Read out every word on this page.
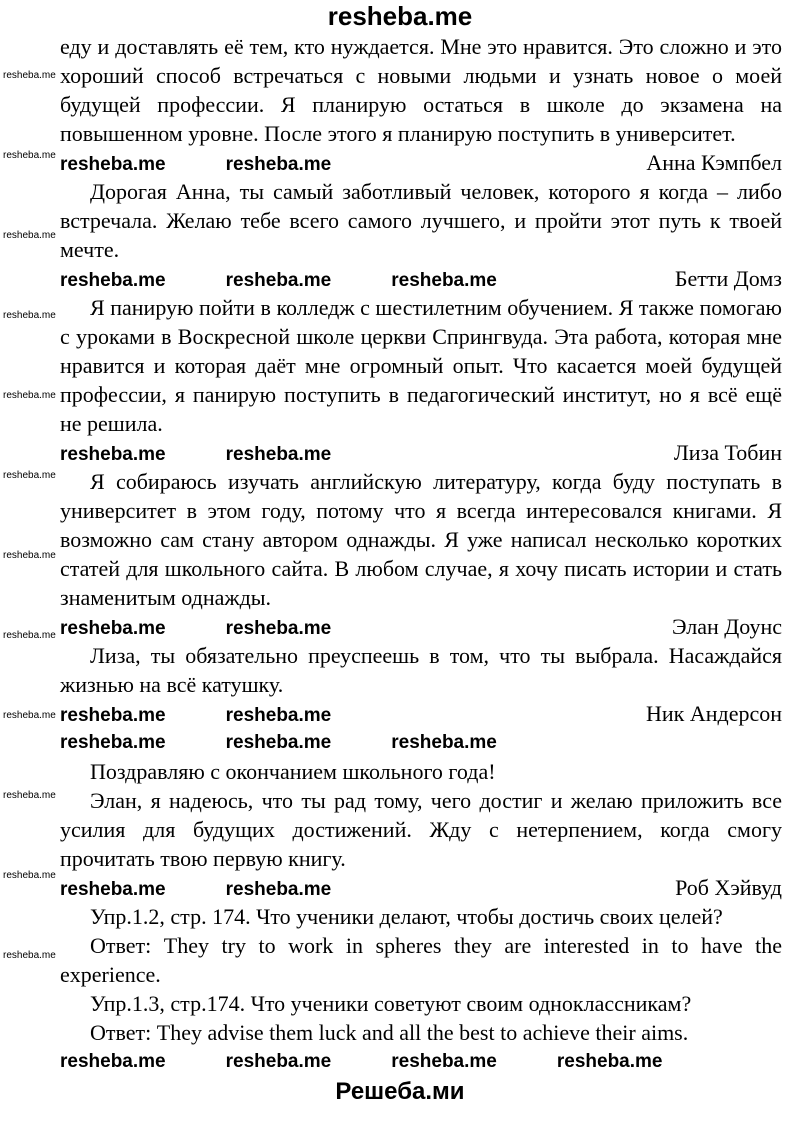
resheba.me

еду и доставлять её тем, кто нуждается. Мне это нравится. Это сложно и это хороший способ встречаться с новыми людьми и узнать новое о моей будущей профессии. Я планирую остаться в школе до экзамена на повышенном уровне. После этого я планирую поступить в университет.

resheba.me	resheba.me	Анна Кэмпбел

Дорогая Анна, ты самый заботливый человек, которого я когда – либо встречала. Желаю тебе всего самого лучшего, и пройти этот путь к твоей мечте.

resheba.me	resheba.me	resheba.me	Бетти Домз

Я панирую пойти в колледж с шестилетним обучением. Я также помогаю с уроками в Воскресной школе церкви Спрингвуда. Эта работа, которая мне нравится и которая даёт мне огромный опыт. Что касается моей будущей профессии, я панирую поступить в педагогический институт, но я всё ещё не решила.

resheba.me	resheba.me	Лиза Тобин

Я собираюсь изучать английскую литературу, когда буду поступать в университет в этом году, потому что я всегда интересовался книгами. Я возможно сам стану автором однажды. Я уже написал несколько коротких статей для школьного сайта. В любом случае, я хочу писать истории и стать знаменитым однажды.

resheba.me	resheba.me	Элан Доунс

Лиза, ты обязательно преуспеешь в том, что ты выбрала. Насаждайся жизнью на всё катушку.

resheba.me	resheba.me	Ник Андерсон
resheba.me	resheba.me	resheba.me

Поздравляю с окончанием школьного года!

Элан, я надеюсь, что ты рад тому, чего достиг и желаю приложить все усилия для будущих достижений. Жду с нетерпением, когда смогу прочитать твою первую книгу.

resheba.me	resheba.me	Роб Хэйвуд

Упр.1.2, стр. 174. Что ученики делают, чтобы достичь своих целей?

Ответ: They try to work in spheres they are interested in to have the experience.

Упр.1.3, стр.174. Что ученики советуют своим одноклассникам?

Ответ: They advise them luck and all the best to achieve their aims.

resheba.me	resheba.me	resheba.me	resheba.me
Решеба.ми
resheba.me
resheba.me
resheba.me
resheba.me
resheba.me
resheba.me
resheba.me
resheba.me
resheba.me
resheba.me
resheba.me
resheba.me
